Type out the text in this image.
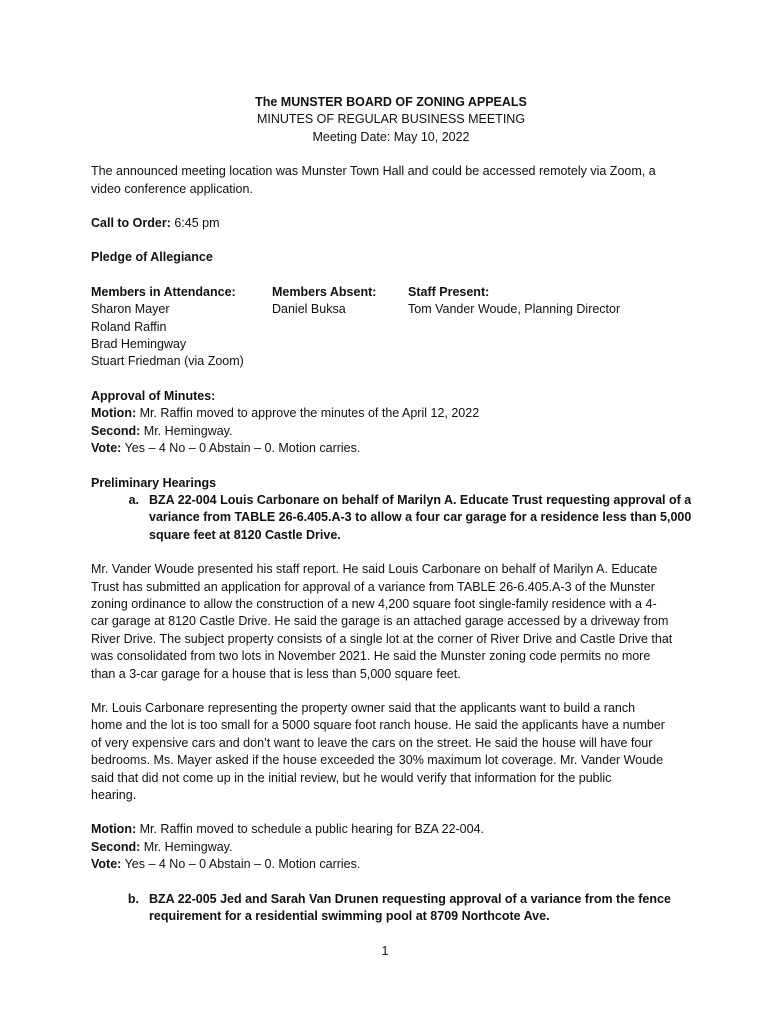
The MUNSTER BOARD OF ZONING APPEALS
MINUTES OF REGULAR BUSINESS MEETING
Meeting Date: May 10, 2022

The announced meeting location was Munster Town Hall and could be accessed remotely via Zoom, a
video conference application.

Call to Order: 6:45 pm

Pledge of Allegiance

Members in Attendance:
Sharon Mayer
Roland Raffin
Brad Hemingway
Stuart Friedman (via Zoom)
Members Absent:
Daniel Buksa
Staff Present:
Tom Vander Woude, Planning Director
Approval of Minutes:
Motion: Mr. Raffin moved to approve the minutes of the April 12, 2022
Second: Mr. Hemingway.
Vote: Yes – 4 No – 0 Abstain – 0. Motion carries.
Preliminary Hearings
a. BZA 22-004 Louis Carbonare on behalf of Marilyn A. Educate Trust requesting approval of a
variance from TABLE 26-6.405.A-3 to allow a four car garage for a residence less than 5,000
square feet at 8120 Castle Drive.
Mr. Vander Woude presented his staff report. He said Louis Carbonare on behalf of Marilyn A. Educate
Trust has submitted an application for approval of a variance from TABLE 26-6.405.A-3 of the Munster
zoning ordinance to allow the construction of a new 4,200 square foot single-family residence with a 4-
car garage at 8120 Castle Drive. He said the garage is an attached garage accessed by a driveway from
River Drive. The subject property consists of a single lot at the corner of River Drive and Castle Drive that
was consolidated from two lots in November 2021. He said the Munster zoning code permits no more
than a 3-car garage for a house that is less than 5,000 square feet.
Mr. Louis Carbonare representing the property owner said that the applicants want to build a ranch
home and the lot is too small for a 5000 square foot ranch house. He said the applicants have a number
of very expensive cars and don’t want to leave the cars on the street. He said the house will have four
bedrooms. Ms. Mayer asked if the house exceeded the 30% maximum lot coverage. Mr. Vander Woude
said that did not come up in the initial review, but he would verify that information for the public
hearing.
Motion: Mr. Raffin moved to schedule a public hearing for BZA 22-004.
Second: Mr. Hemingway.
Vote: Yes – 4 No – 0 Abstain – 0. Motion carries.
b. BZA 22-005 Jed and Sarah Van Drunen requesting approval of a variance from the fence
requirement for a residential swimming pool at 8709 Northcote Ave.
1
